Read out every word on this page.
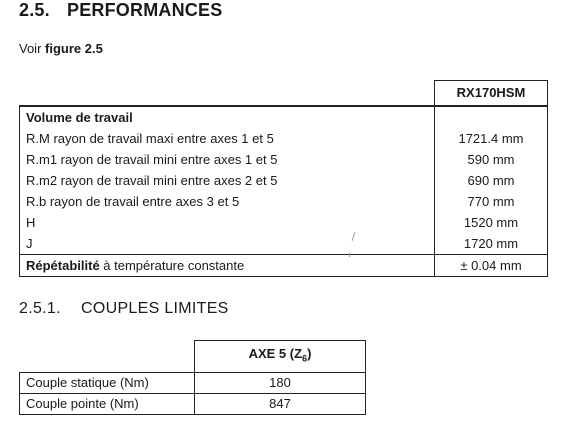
2.5. PERFORMANCES
Voir figure 2.5
	RX170HSM
Volume de travail	
R.M rayon de travail maxi entre axes 1 et 5	1721.4 mm
R.m1 rayon de travail mini entre axes 1 et 5	590 mm
R.m2 rayon de travail mini entre axes 2 et 5	690 mm
R.b rayon de travail entre axes 3 et 5	770 mm
H	1520 mm
J	1720 mm
Répétabilité à température constante	± 0.04 mm
2.5.1. COUPLES LIMITES
	AXE 5 $(Z_6)$
Couple statique (Nm)	180
Couple pointe (Nm)	847
